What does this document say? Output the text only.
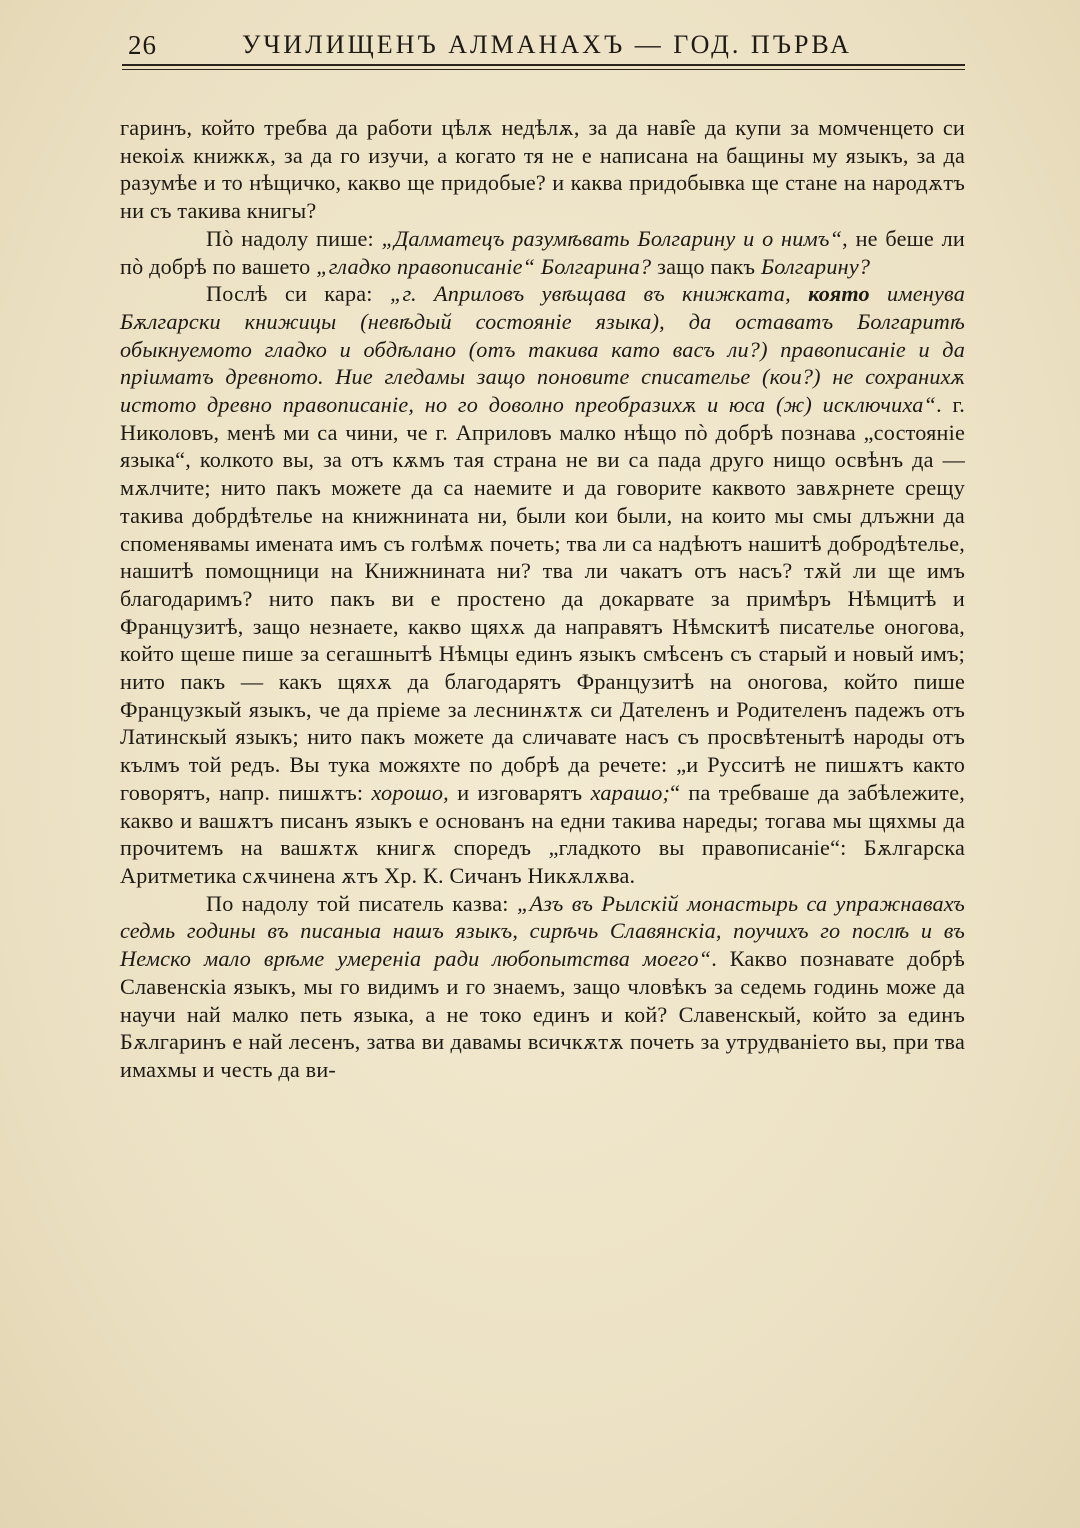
26	УЧИЛИЩЕНЪ АЛМАНАХЪ — ГОД. ПЪРВА

гаринъ, който требва да работи цѣлѫ недѣлѫ, за да наві̂е да купи за момченцето си некоіѫ книжкѫ, за да го изучи, а когато тя не е написана на бащины му языкъ, за да разумѣе и то нѣщичко, какво ще придобые? и каква придобывка ще стане на народѫтъ ни съ такива книгы?

Пò надолу пише: „Далматецъ разумѣвать Болгарину и о нимъ“, не беше ли пò добрѣ по вашето „гладко правописаніе“ Болгарина? защо пакъ Болгарину?

Послѣ си кара: „г. Априловъ увѣщава въ книжката, която именува Бѫлгарски книжицы (невѣдый состояніе языка), да оставатъ Болгаритѣ обыкнуемото гладко и обдѣлано (отъ такива като васъ ли?) правописаніе и да пріиматъ древното. Ние гледамы защо поновите списателье (кои?) не сохранихѫ истото древно правописаніе, но го доволно преобразихѫ и юса (ж) исключиха“. г. Николовъ, менѣ ми са чини, че г. Априловъ малко нѣщо пò добрѣ познава „состояніе языка“, колкото вы, за отъ кѫмъ тая страна не ви са пада друго нищо освѣнъ да — мѫлчите; нито пакъ можете да са наемите и да говорите каквото завѫрнете срещу такива добрдѣтелье на книжнината ни, были кои были, на които мы смы длъжни да споменявамы имената имъ съ голѣмѫ почеть; тва ли са надѣютъ нашитѣ добродѣтелье, нашитѣ помощници на Книжнината ни? тва ли чакатъ отъ насъ? тѫй ли ще имъ благодаримъ? нито пакъ ви е простено да докарвате за примѣръ Нѣмцитѣ и Французитѣ, защо незнаете, какво щяхѫ да направятъ Нѣмскитѣ писателье оногова, който щеше пише за сегашнытѣ Нѣмцы единъ языкъ смѣсенъ съ старый и новый имъ; нито пакъ — какъ щяхѫ да благодарятъ Французитѣ на оногова, който пише Французкый языкъ, че да пріеме за леснинѫтѫ си Дателенъ и Родителенъ падежъ отъ Латинскый языкъ; нито пакъ можете да сличавате насъ съ просвѣтенытѣ народы отъ кълмъ той редъ. Вы тука можяхте по добрѣ да речете: „и Русситѣ не пишѫтъ както говорятъ, напр. пишѫтъ: хорошо, и изговарятъ харашо;“ па требваше да забѣлежите, какво и вашѫтъ писанъ языкъ е основанъ на едни такива нареды; тогава мы щяхмы да прочитемъ на вашѫтѫ книгѫ споредъ „гладкото вы правописаніе“: Бѫлгарска Аритметика сѫчинена ѫтъ Хр. К. Сичанъ Никѫлѫва.

По надолу той писатель казва: „Азъ въ Рылскій монастырь са упражнавахъ седмь годины въ писаныа нашъ языкъ, сирѣчь Славянскіа, поучихъ го послѣ и въ Немско мало врѣме умереніа ради любопытства моего“. Какво познавате добрѣ Славенскіа языкъ, мы го видимъ и го знаемъ, защо чловѣкъ за седемь годинь може да научи най малко петь языка, а не токо единъ и кой? Славенскый, който за единъ Бѫлгаринъ е най лесенъ, затва ви давамы всичкѫтѫ почеть за утрудваніето вы, при тва имахмы и честь да ви-
